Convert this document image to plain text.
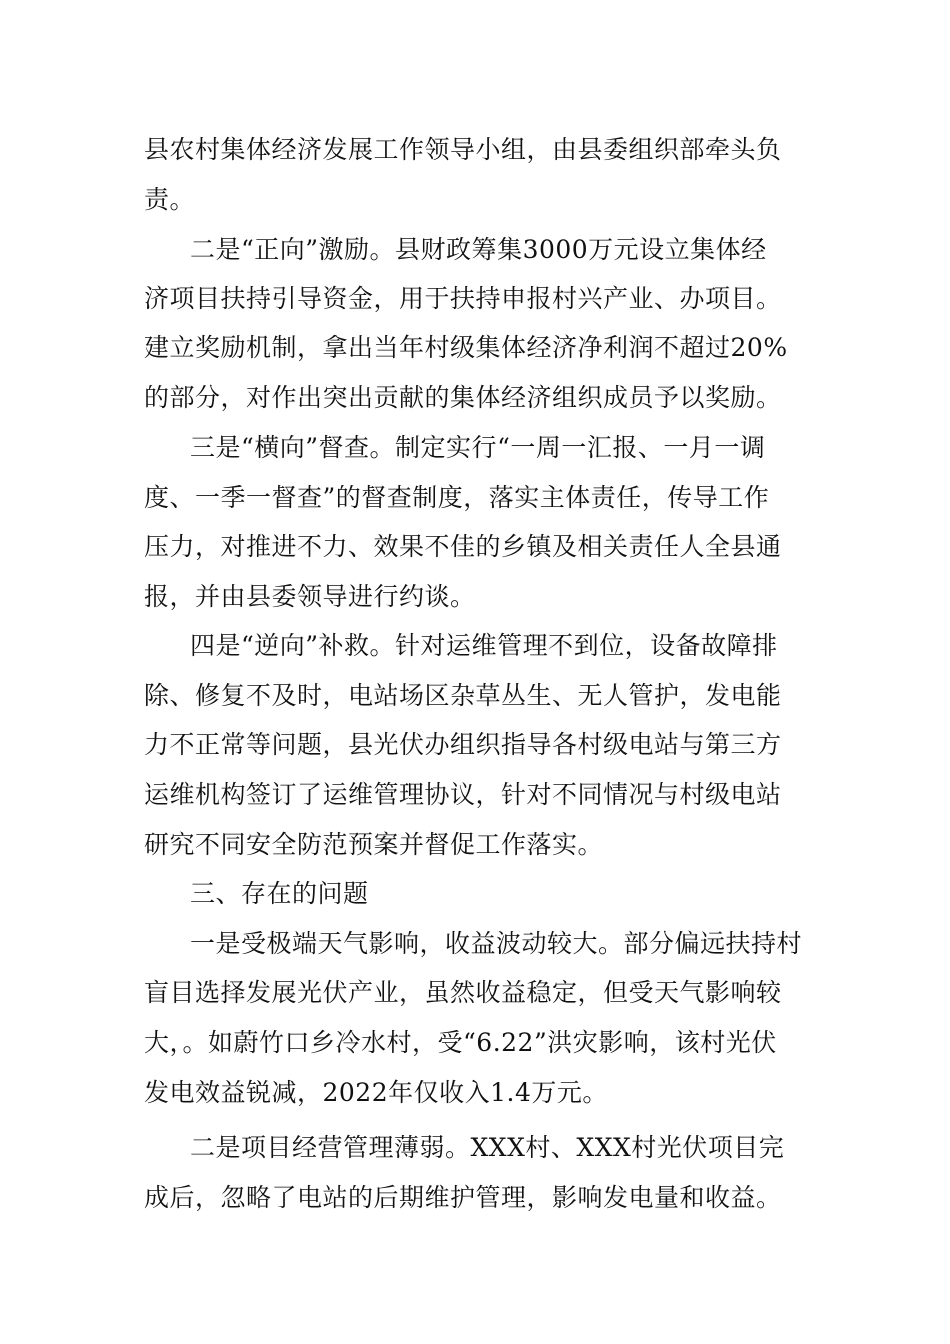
县农村集体经济发展工作领导小组，由县委组织部牵头负
责。
二是“正向”激励。县财政筹集3000万元设立集体经
济项目扶持引导资金，用于扶持申报村兴产业、办项目。
建立奖励机制，拿出当年村级集体经济净利润不超过20%
的部分，对作出突出贡献的集体经济组织成员予以奖励。
三是“横向”督查。制定实行“一周一汇报、一月一调
度、一季一督查”的督查制度，落实主体责任，传导工作
压力，对推进不力、效果不佳的乡镇及相关责任人全县通
报，并由县委领导进行约谈。
四是“逆向”补救。针对运维管理不到位，设备故障排
除、修复不及时，电站场区杂草丛生、无人管护，发电能
力不正常等问题，县光伏办组织指导各村级电站与第三方
运维机构签订了运维管理协议，针对不同情况与村级电站
研究不同安全防范预案并督促工作落实。
三、存在的问题
一是受极端天气影响，收益波动较大。部分偏远扶持村
盲目选择发展光伏产业，虽然收益稳定，但受天气影响较
大，。如蔚竹口乡冷水村，受“6.22”洪灾影响，该村光伏
发电效益锐减，2022年仅收入1.4万元。
二是项目经营管理薄弱。XXX村、XXX村光伏项目完
成后，忽略了电站的后期维护管理，影响发电量和收益。
